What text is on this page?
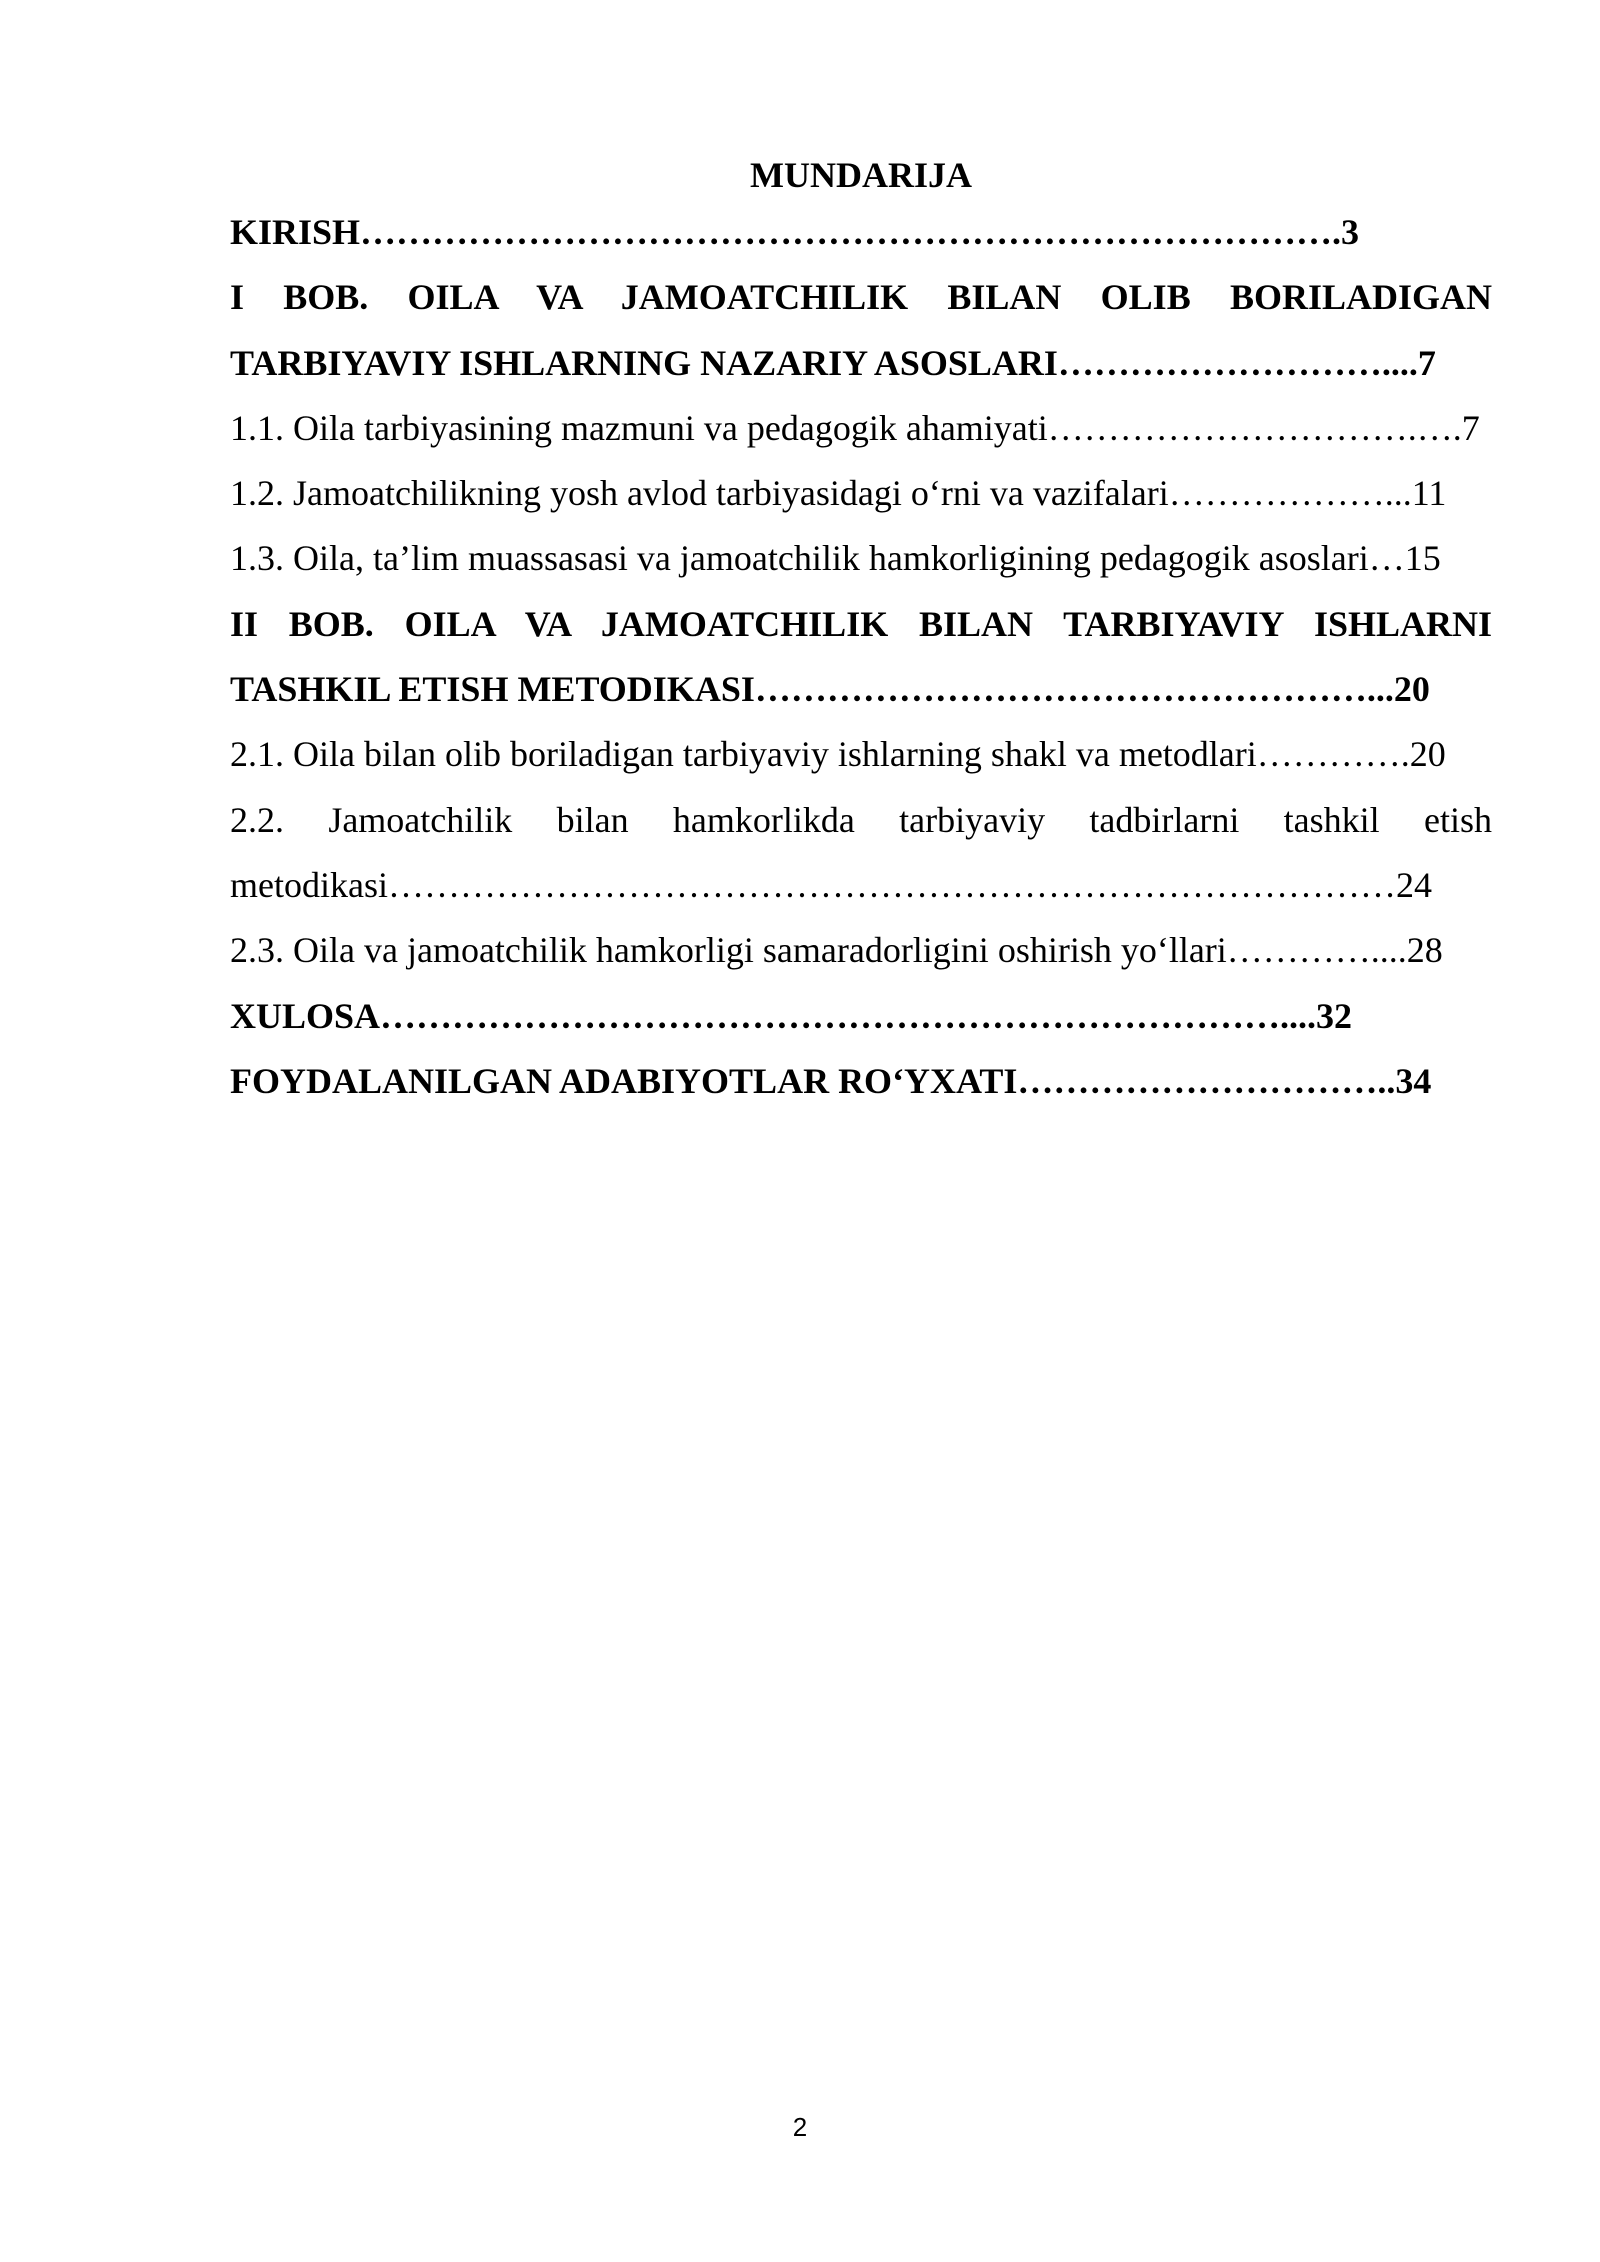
MUNDARIJA

KIRISH……………………………………………………………………….3

I BOB. OILA VA JAMOATCHILIK BILAN OLIB BORILADIGAN TARBIYAVIY ISHLARNING NAZARIY ASOSLARI………………………....7

1.1. Oila tarbiyasining mazmuni va pedagogik ahamiyati………………………….….7

1.2. Jamoatchilikning yosh avlod tarbiyasidagi o‘rni va vazifalari………………...11

1.3. Oila, ta’lim muassasasi va jamoatchilik hamkorligining pedagogik asoslari…15

II BOB. OILA VA JAMOATCHILIK BILAN TARBIYAVIY ISHLARNI TASHKIL ETISH METODIKASI……………………………………………...20

2.1. Oila bilan olib boriladigan tarbiyaviy ishlarning shakl va metodlari………….20

2.2. Jamoatchilik bilan hamkorlikda tarbiyaviy tadbirlarni tashkil etish metodikasi…………………………………………………………………………24

2.3. Oila va jamoatchilik hamkorligi samaradorligini oshirish yo‘llari…………....28

XULOSA…………………………………………………………………....32

FOYDALANILGAN ADABIYOTLAR RO‘YXATI…………………………..34

2
